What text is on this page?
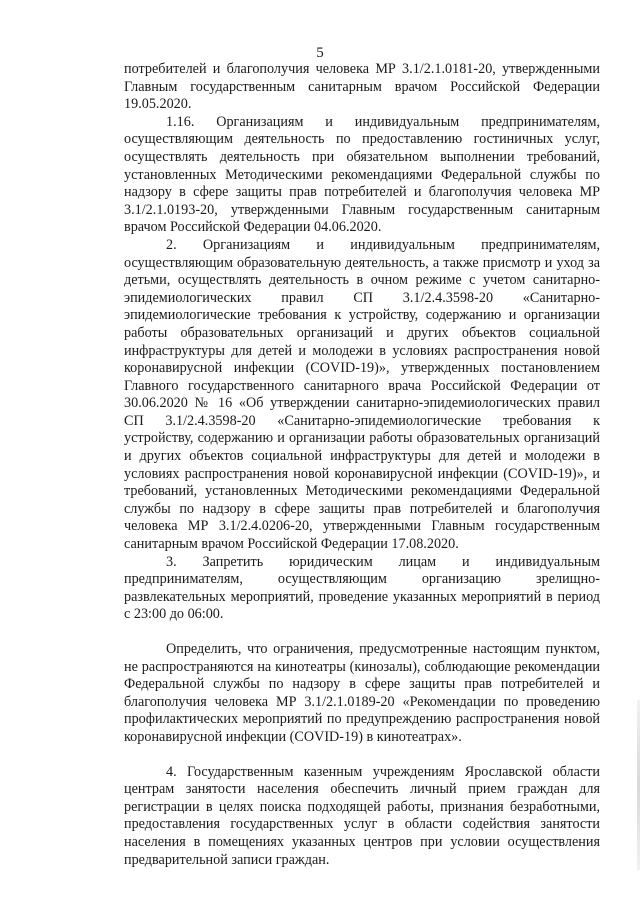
5

потребителей и благополучия человека МР 3.1/2.1.0181-20, утвержденными Главным государственным санитарным врачом Российской Федерации 19.05.2020.

1.16. Организациям и индивидуальным предпринимателям, осуществляющим деятельность по предоставлению гостиничных услуг, осуществлять деятельность при обязательном выполнении требований, установленных Методическими рекомендациями Федеральной службы по надзору в сфере защиты прав потребителей и благополучия человека МР 3.1/2.1.0193-20, утвержденными Главным государственным санитарным врачом Российской Федерации 04.06.2020.

2. Организациям и индивидуальным предпринимателям, осуществляющим образовательную деятельность, а также присмотр и уход за детьми, осуществлять деятельность в очном режиме с учетом санитарно-эпидемиологических правил СП 3.1/2.4.3598-20 «Санитарно-эпидемиологические требования к устройству, содержанию и организации работы образовательных организаций и других объектов социальной инфраструктуры для детей и молодежи в условиях распространения новой коронавирусной инфекции (COVID-19)», утвержденных постановлением Главного государственного санитарного врача Российской Федерации от 30.06.2020 № 16 «Об утверждении санитарно-эпидемиологических правил СП 3.1/2.4.3598-20 «Санитарно-эпидемиологические требования к устройству, содержанию и организации работы образовательных организаций и других объектов социальной инфраструктуры для детей и молодежи в условиях распространения новой коронавирусной инфекции (COVID-19)», и требований, установленных Методическими рекомендациями Федеральной службы по надзору в сфере защиты прав потребителей и благополучия человека МР 3.1/2.4.0206-20, утвержденными Главным государственным санитарным врачом Российской Федерации 17.08.2020.

3. Запретить юридическим лицам и индивидуальным предпринимателям, осуществляющим организацию зрелищно-развлекательных мероприятий, проведение указанных мероприятий в период с 23:00 до 06:00.

Определить, что ограничения, предусмотренные настоящим пунктом, не распространяются на кинотеатры (кинозалы), соблюдающие рекомендации Федеральной службы по надзору в сфере защиты прав потребителей и благополучия человека МР 3.1/2.1.0189-20 «Рекомендации по проведению профилактических мероприятий по предупреждению распространения новой коронавирусной инфекции (COVID-19) в кинотеатрах».

4. Государственным казенным учреждениям Ярославской области центрам занятости населения обеспечить личный прием граждан для регистрации в целях поиска подходящей работы, признания безработными, предоставления государственных услуг в области содействия занятости населения в помещениях указанных центров при условии осуществления предварительной записи граждан.
